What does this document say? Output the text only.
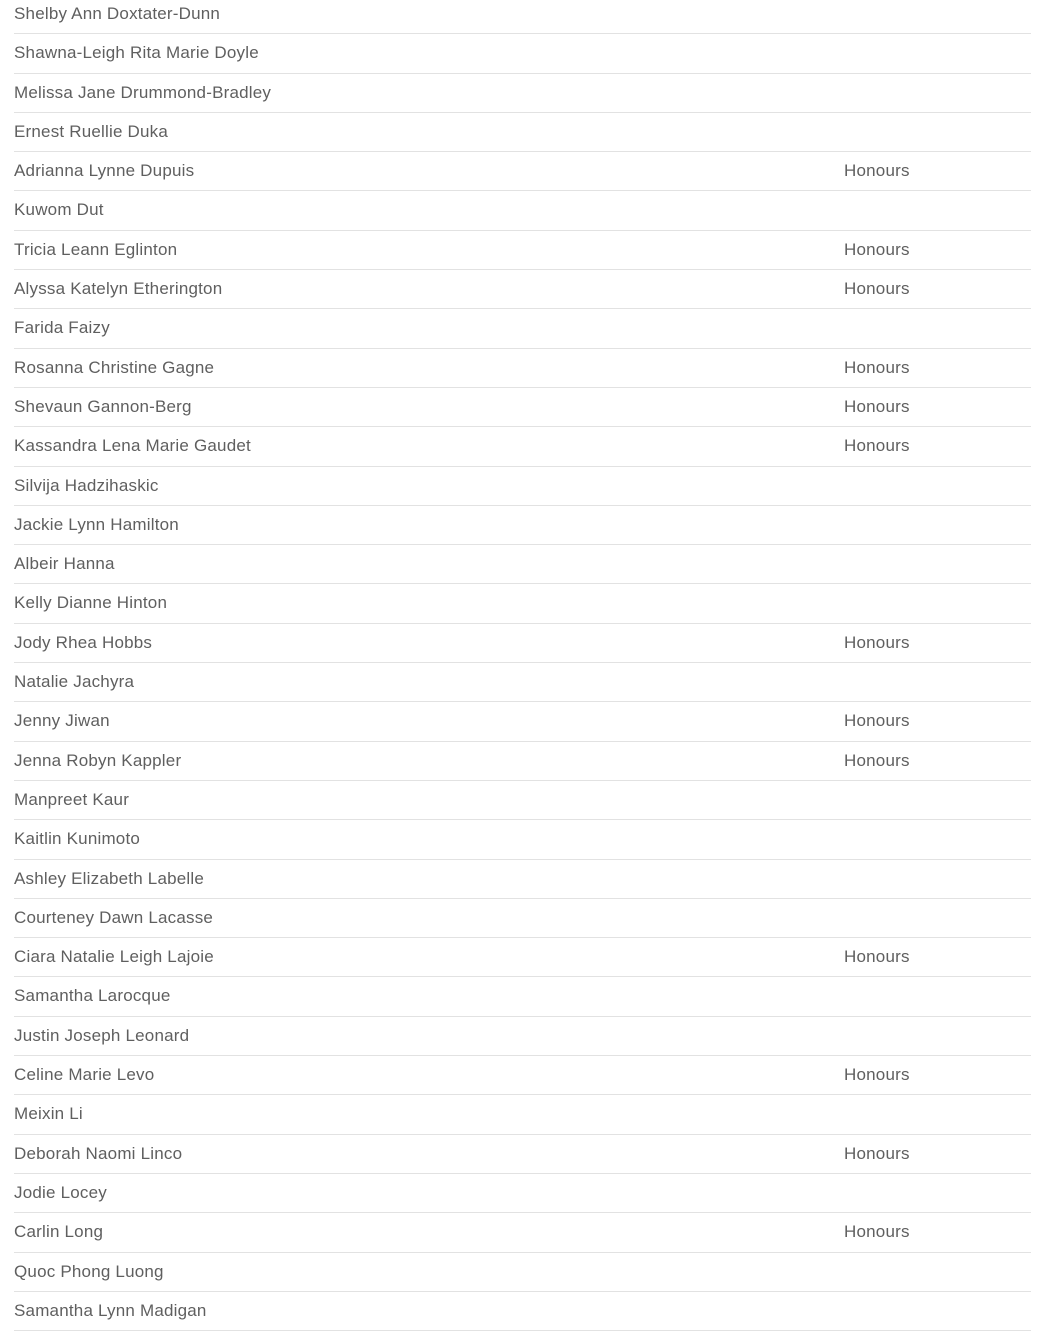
Shelby Ann Doxtater-Dunn
Shawna-Leigh Rita Marie Doyle
Melissa Jane Drummond-Bradley
Ernest Ruellie Duka
Adrianna Lynne Dupuis	Honours
Kuwom Dut
Tricia Leann Eglinton	Honours
Alyssa Katelyn Etherington	Honours
Farida Faizy
Rosanna Christine Gagne	Honours
Shevaun Gannon-Berg	Honours
Kassandra Lena Marie Gaudet	Honours
Silvija Hadzihaskic
Jackie Lynn Hamilton
Albeir Hanna
Kelly Dianne Hinton
Jody Rhea Hobbs	Honours
Natalie Jachyra
Jenny Jiwan	Honours
Jenna Robyn Kappler	Honours
Manpreet Kaur
Kaitlin Kunimoto
Ashley Elizabeth Labelle
Courteney Dawn Lacasse
Ciara Natalie Leigh Lajoie	Honours
Samantha Larocque
Justin Joseph Leonard
Celine Marie Levo	Honours
Meixin Li
Deborah Naomi Linco	Honours
Jodie Locey
Carlin Long	Honours
Quoc Phong Luong
Samantha Lynn Madigan
